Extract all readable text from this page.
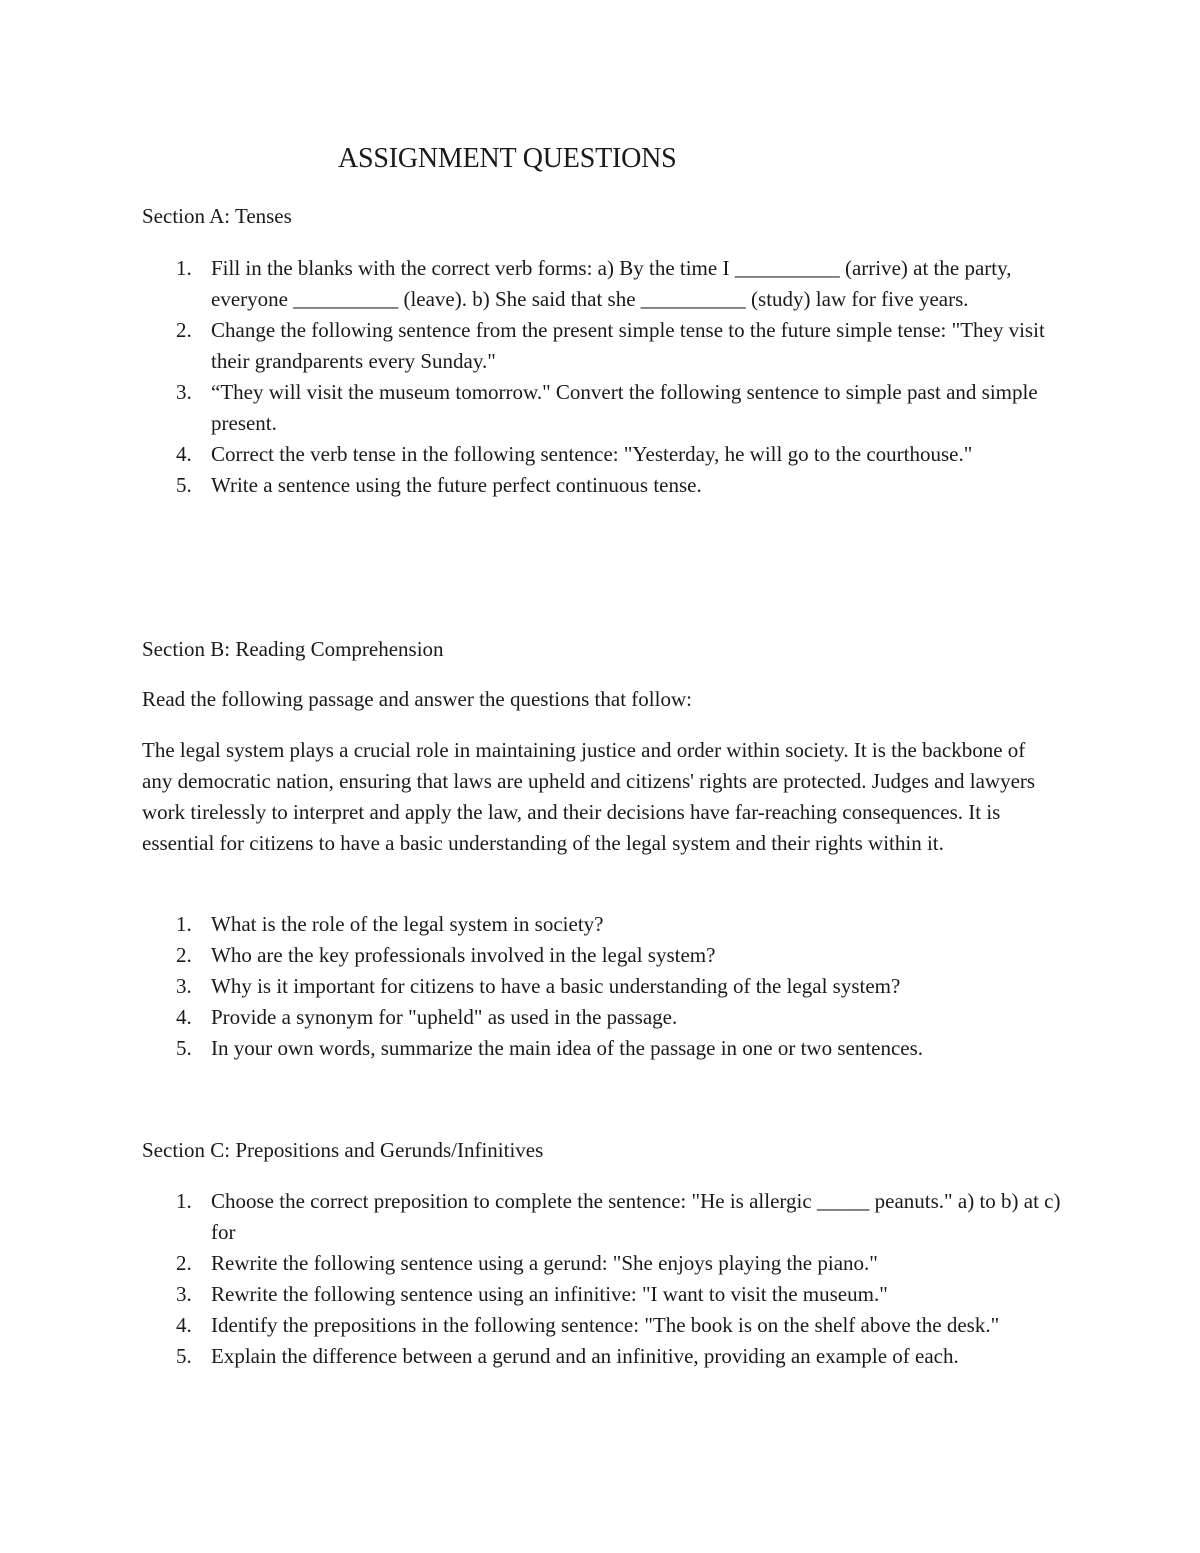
ASSIGNMENT QUESTIONS
Section A: Tenses
1. Fill in the blanks with the correct verb forms: a) By the time I __________ (arrive) at the party, everyone __________ (leave). b) She said that she __________ (study) law for five years.
2. Change the following sentence from the present simple tense to the future simple tense: "They visit their grandparents every Sunday."
3. “They will visit the museum tomorrow." Convert the following sentence to simple past and simple present.
4. Correct the verb tense in the following sentence: "Yesterday, he will go to the courthouse."
5. Write a sentence using the future perfect continuous tense.
Section B: Reading Comprehension
Read the following passage and answer the questions that follow:
The legal system plays a crucial role in maintaining justice and order within society. It is the backbone of any democratic nation, ensuring that laws are upheld and citizens' rights are protected. Judges and lawyers work tirelessly to interpret and apply the law, and their decisions have far-reaching consequences. It is essential for citizens to have a basic understanding of the legal system and their rights within it.
1. What is the role of the legal system in society?
2. Who are the key professionals involved in the legal system?
3. Why is it important for citizens to have a basic understanding of the legal system?
4. Provide a synonym for "upheld" as used in the passage.
5. In your own words, summarize the main idea of the passage in one or two sentences.
Section C: Prepositions and Gerunds/Infinitives
1. Choose the correct preposition to complete the sentence: "He is allergic _____ peanuts." a) to b) at c) for
2. Rewrite the following sentence using a gerund: "She enjoys playing the piano."
3. Rewrite the following sentence using an infinitive: "I want to visit the museum."
4. Identify the prepositions in the following sentence: "The book is on the shelf above the desk."
5. Explain the difference between a gerund and an infinitive, providing an example of each.
